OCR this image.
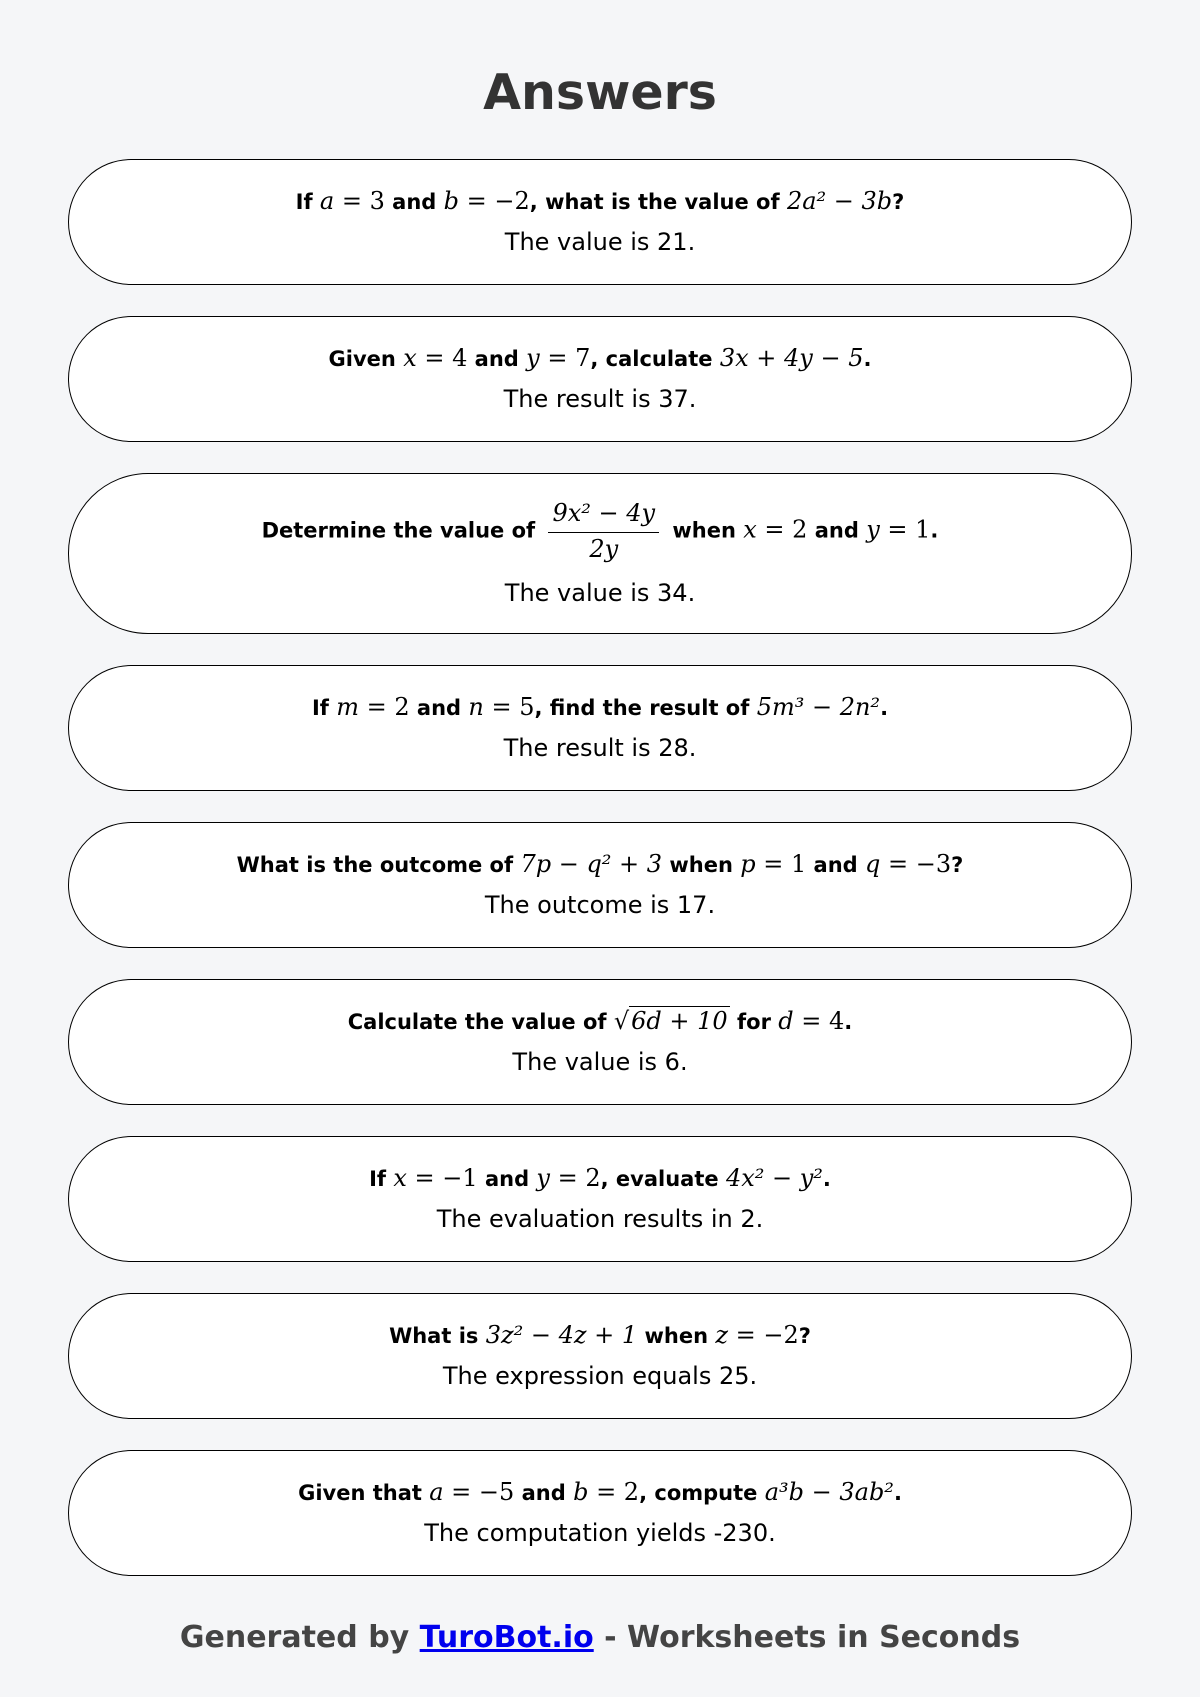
Answers
If a = 3 and b = −2, what is the value of 2a² − 3b?
The value is 21.
Given x = 4 and y = 7, calculate 3x + 4y − 5.
The result is 37.
Determine the value of $\frac{\text{9x² − 4y}}{2y}$ when x = 2 and y = 1.
The value is 34.
If m = 2 and n = 5, find the result of 5m³ − 2n².
The result is 28.
What is the outcome of 7p − q² + 3 when p = 1 and q = −3?
The outcome is 17.
Calculate the value of √6d + 10 for d = 4.
The value is 6.
If x = −1 and y = 2, evaluate 4x² − y².
The evaluation results in 2.
What is 3z² − 4z + 1 when z = −2?
The expression equals 25.
Given that a = −5 and b = 2, compute a³b − 3ab².
The computation yields -230.
Generated by TuroBot.io - Worksheets in Seconds
